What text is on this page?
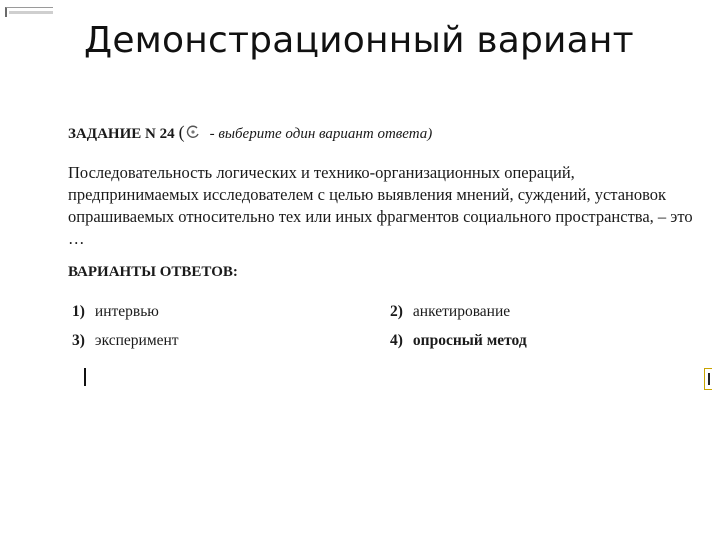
Демонстрационный вариант
ЗАДАНИЕ N 24 ( - выберите один вариант ответа)

Последовательность логических и технико-организационных операций, предпринимаемых исследователем с целью выявления мнений, суждений, установок опрашиваемых относительно тех или иных фрагментов социального пространства, – это …

ВАРИАНТЫ ОТВЕТОВ:
1) интервью	2) анкетирование
3) эксперимент	4) опросный метод
